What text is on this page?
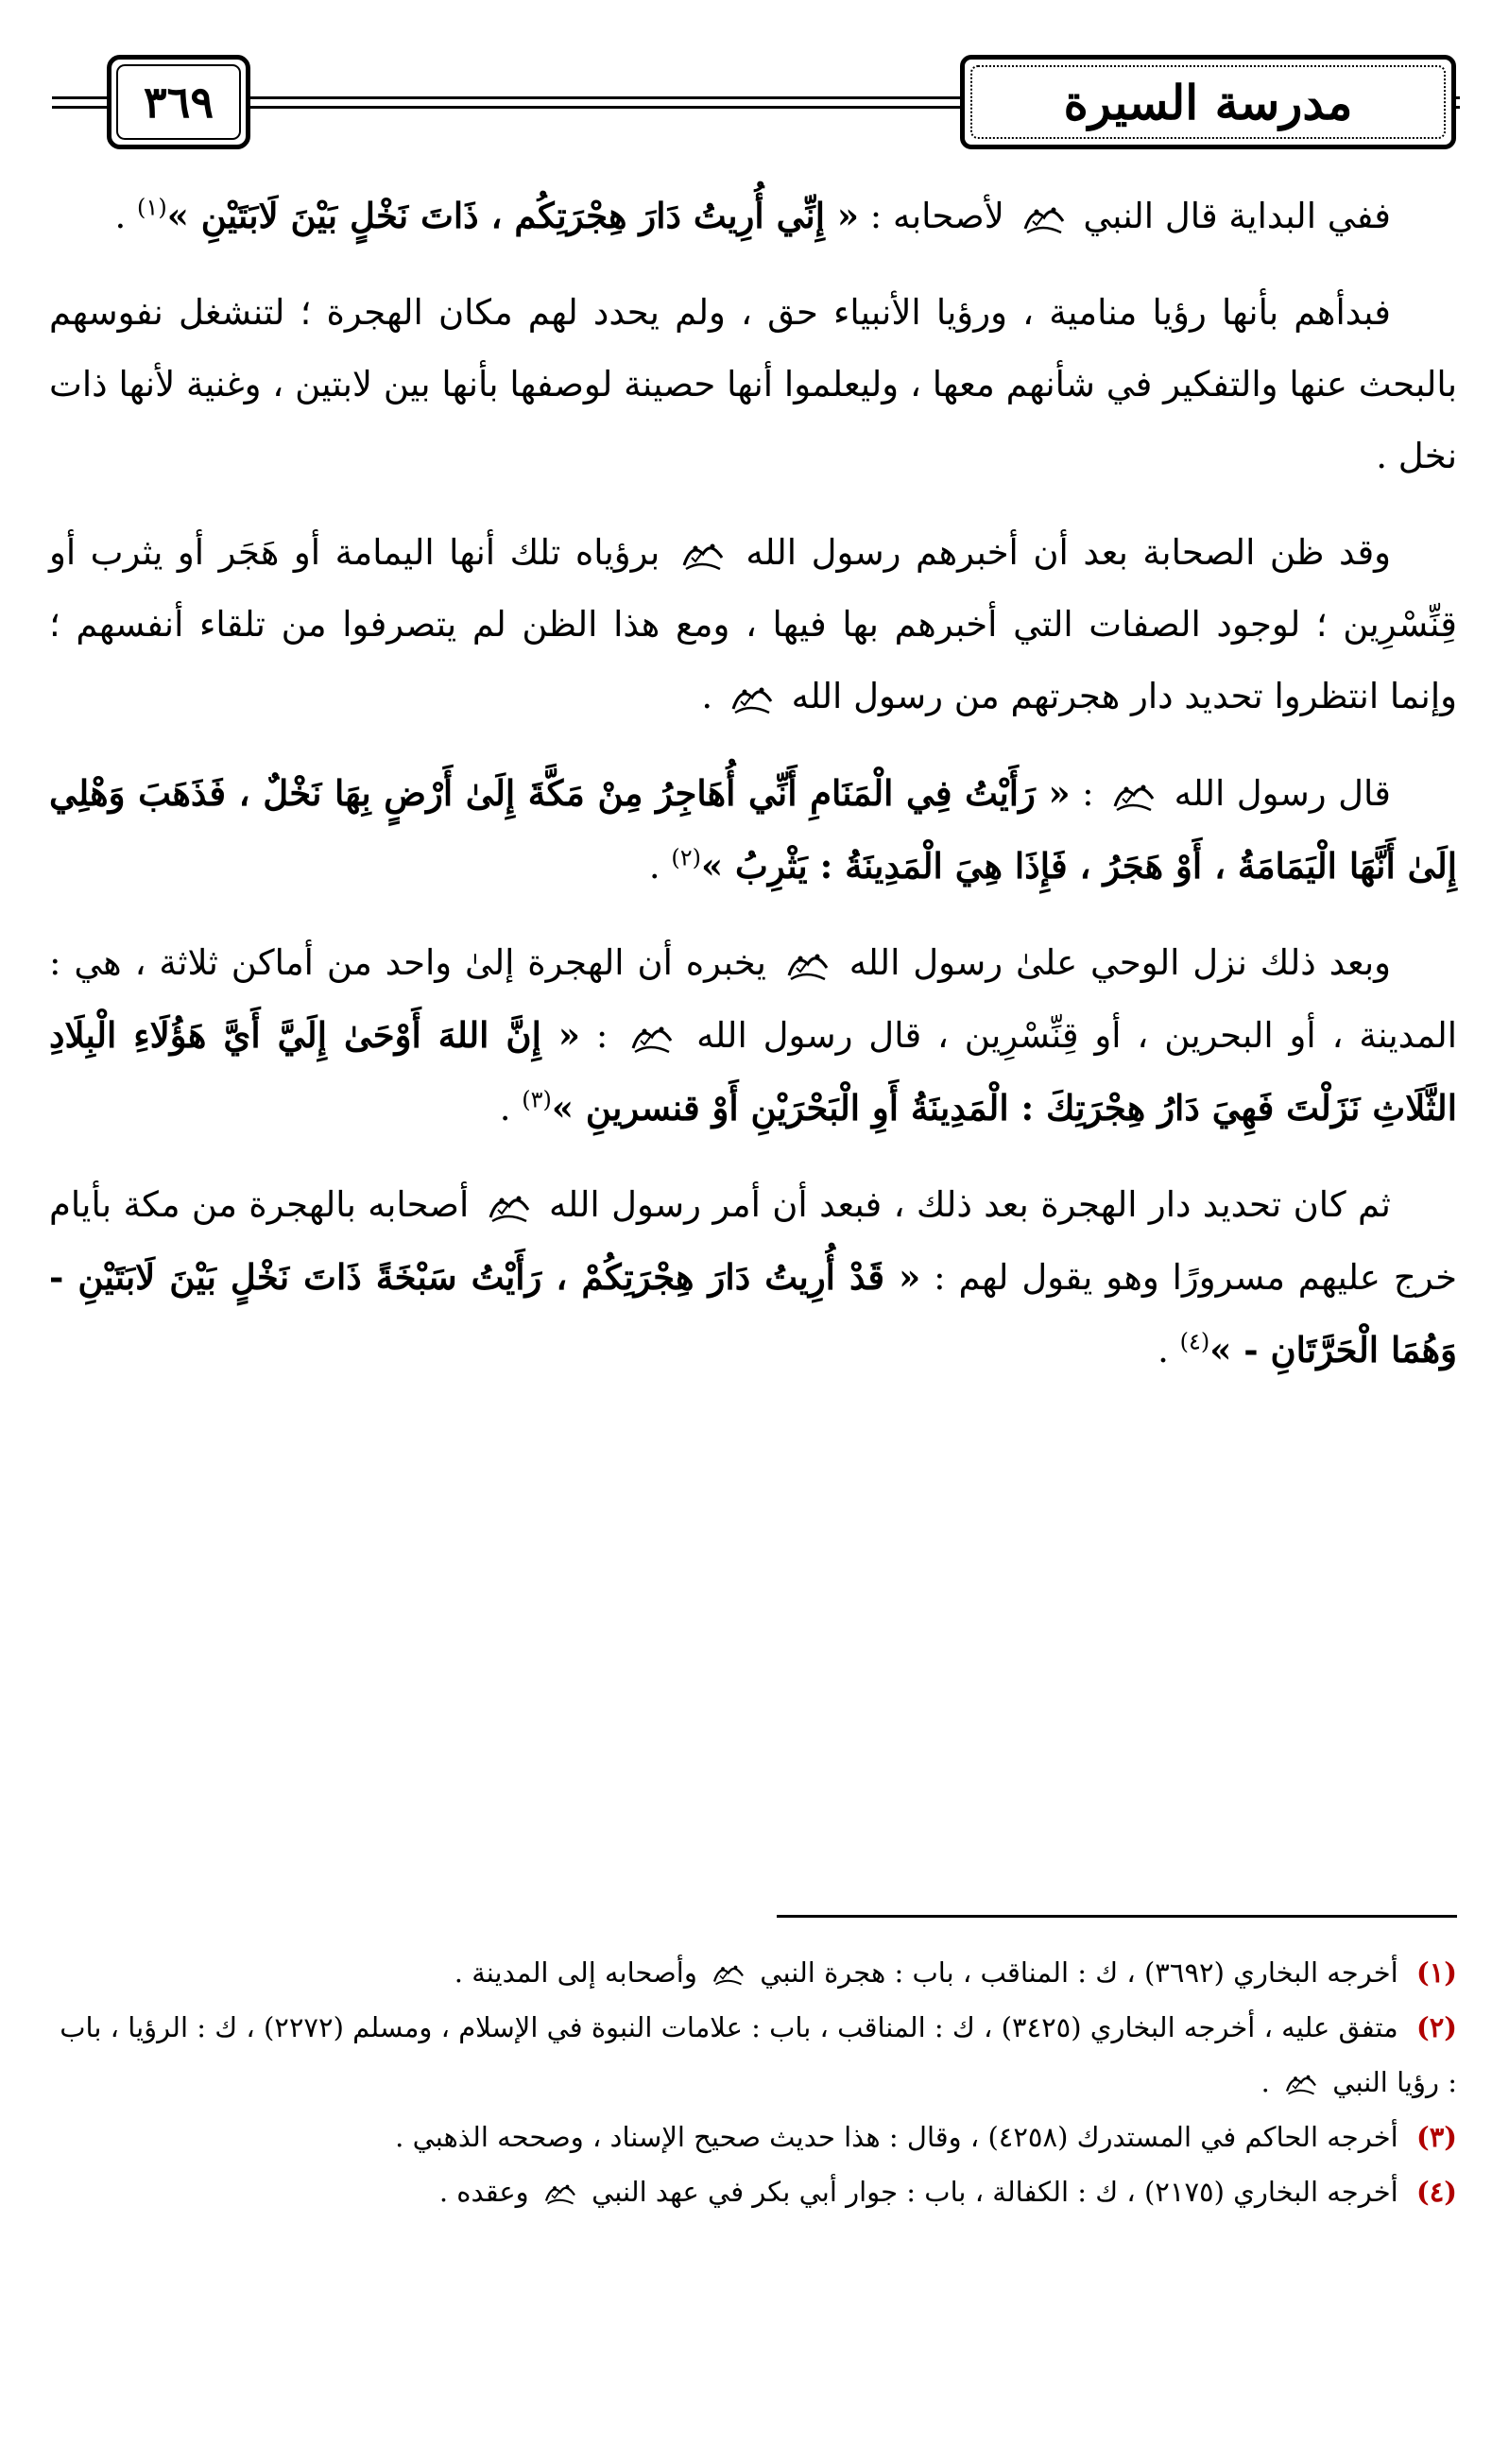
٣٦٩	مدرسة السيرة

ففي البداية قال النبي  لأصحابه : « إِنِّي أُرِيتُ دَارَ هِجْرَتِكُم ، ذَاتَ نَخْلٍ بَيْنَ لَابَتَيْنِ »$^{(١)}$ .

فبدأهم بأنها رؤيا منامية ، ورؤيا الأنبياء حق ، ولم يحدد لهم مكان الهجرة ؛ لتنشغل نفوسهم بالبحث عنها والتفكير في شأنهم معها ، وليعلموا أنها حصينة لوصفها بأنها بين لابتين ، وغنية لأنها ذات نخل .

وقد ظن الصحابة بعد أن أخبرهم رسول الله  برؤياه تلك أنها اليمامة أو هَجَر أو يثرب أو قِنِّسْرِين ؛ لوجود الصفات التي أخبرهم بها فيها ، ومع هذا الظن لم يتصرفوا من تلقاء أنفسهم ؛ وإنما انتظروا تحديد دار هجرتهم من رسول الله  .

قال رسول الله  : « رَأَيْتُ فِي الْمَنَامِ أَنِّي أُهَاجِرُ مِنْ مَكَّةَ إِلَىٰ أَرْضٍ بِهَا نَخْلٌ ، فَذَهَبَ وَهْلِي إِلَىٰ أَنَّهَا الْيَمَامَةُ ، أَوْ هَجَرُ ، فَإِذَا هِيَ الْمَدِينَةُ : يَثْرِبُ »$^{(٢)}$ .

وبعد ذلك نزل الوحي علىٰ رسول الله  يخبره أن الهجرة إلىٰ واحد من أماكن ثلاثة ، هي : المدينة ، أو البحرين ، أو قِنِّسْرِين ، قال رسول الله  : « إِنَّ اللهَ أَوْحَىٰ إِلَيَّ أَيَّ هَؤُلَاءِ الْبِلَادِ الثَّلَاثِ نَزَلْتَ فَهِيَ دَارُ هِجْرَتِكَ : الْمَدِينَةُ أَوِ الْبَحْرَيْنِ أَوْ قنسرينِ »$^{(٣)}$ .

ثم كان تحديد دار الهجرة بعد ذلك ، فبعد أن أمر رسول الله  أصحابه بالهجرة من مكة بأيام خرج عليهم مسرورًا وهو يقول لهم : « قَدْ أُرِيتُ دَارَ هِجْرَتِكُمْ ، رَأَيْتُ سَبْخَةً ذَاتَ نَخْلٍ بَيْنَ لَابَتَيْنِ - وَهُمَا الْحَرَّتَانِ - »$^{(٤)}$ .

(١) أخرجه البخاري (٣٦٩٢) ، ك : المناقب ، باب : هجرة النبي  وأصحابه إلى المدينة .

(٢) متفق عليه ، أخرجه البخاري (٣٤٢٥) ، ك : المناقب ، باب : علامات النبوة في الإسلام ، ومسلم (٢٢٧٢) ، ك : الرؤيا ، باب : رؤيا النبي  .

(٣) أخرجه الحاكم في المستدرك (٤٢٥٨) ، وقال : هذا حديث صحيح الإسناد ، وصححه الذهبي .

(٤) أخرجه البخاري (٢١٧٥) ، ك : الكفالة ، باب : جوار أبي بكر في عهد النبي  وعقده .
